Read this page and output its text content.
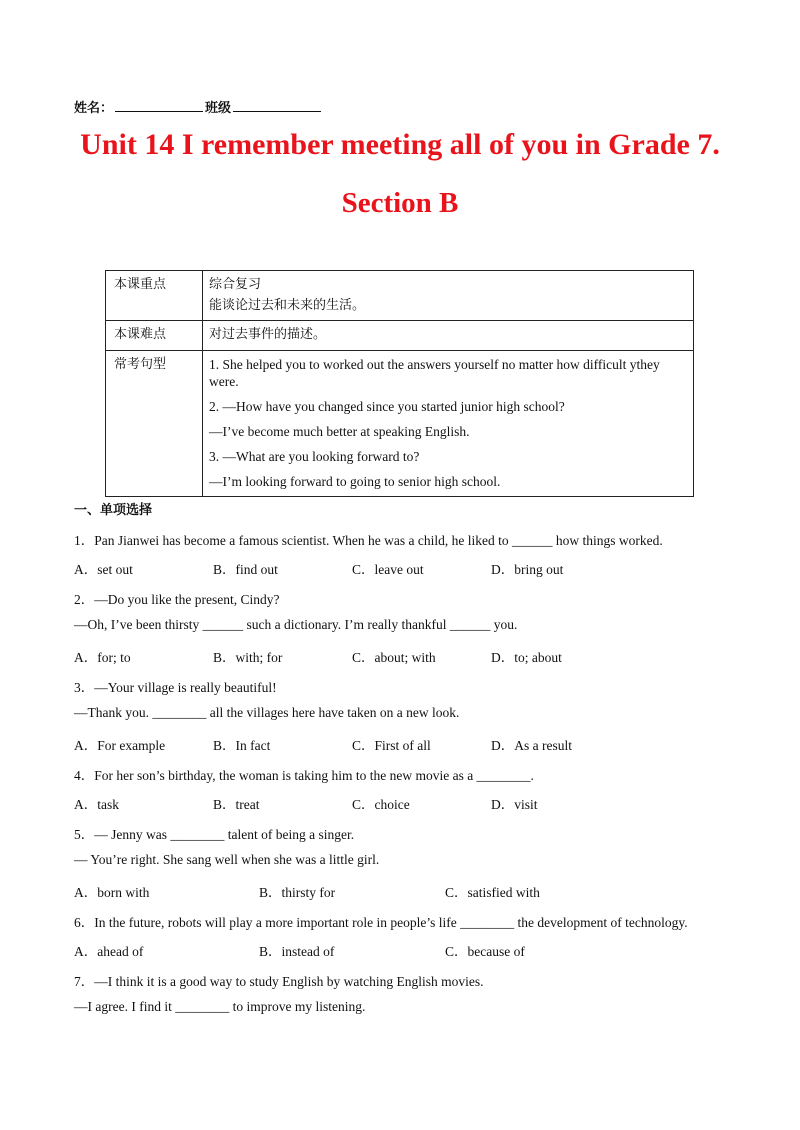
姓名：	班级
Unit 14 I remember meeting all of you in Grade 7.
Section B
本课重点	综合复习
能谈论过去和未来的生活。

本课难点	对过去事件的描述。

常考句型	1. She helped you to worked out the answers yourself no matter how difficult ythey were.
2. —How have you changed since you started junior high school?
—I’ve become much better at speaking English.
3. —What are you looking forward to?
—I’m looking forward to going to senior high school.
一、单项选择
1．Pan Jianwei has become a famous scientist. When he was a child, he liked to ______ how things worked.
A．set out	B．find out	C．leave out	D．bring out
2．—Do you like the present, Cindy?
—Oh, I’ve been thirsty ______ such a dictionary. I’m really thankful ______ you.
A．for; to	B．with; for	C．about; with	D．to; about
3．—Your village is really beautiful!
—Thank you. ________ all the villages here have taken on a new look.
A．For example	B．In fact	C．First of all	D．As a result
4．For her son’s birthday, the woman is taking him to the new movie as a ________.
A．task	B．treat	C．choice	D．visit
5．— Jenny was ________ talent of being a singer.
— You’re right. She sang well when she was a little girl.
A．born with	B．thirsty for	C．satisfied with
6．In the future, robots will play a more important role in people’s life ________ the development of technology.
A．ahead of	B．instead of	C．because of
7．—I think it is a good way to study English by watching English movies.
—I agree. I find it ________ to improve my listening.
